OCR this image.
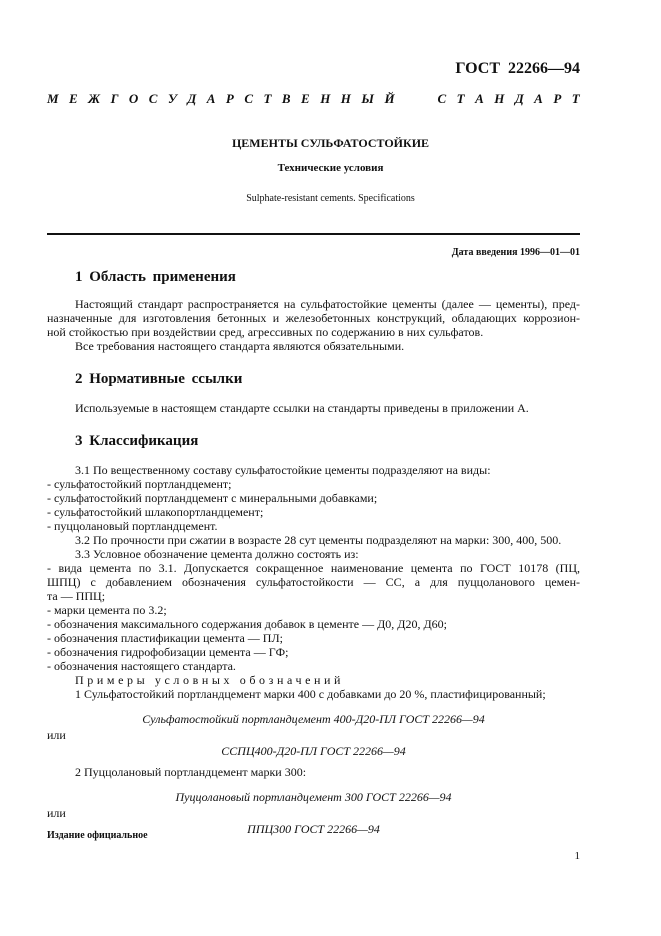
ГОСТ 22266—94
М Е Ж Г О С У Д А Р С Т В Е Н Н Ы Й	С Т А Н Д А Р Т
ЦЕМЕНТЫ СУЛЬФАТОСТОЙКИЕ
Технические условия
Sulphate-resistant cements. Specifications
Дата введения 1996—01—01
1 Область применения

Настоящий стандарт распространяется на сульфатостойкие цементы (далее — цементы), пред-

назначенные для изготовления бетонных и железобетонных конструкций, обладающих коррозион-

ной стойкостью при воздействии сред, агрессивных по содержанию в них сульфатов.

Все требования настоящего стандарта являются обязательными.

2 Нормативные ссылки

Используемые в настоящем стандарте ссылки на стандарты приведены в приложении А.

3 Классификация

3.1 По вещественному составу сульфатостойкие цементы подразделяют на виды:

- сульфатостойкий портландцемент;

- сульфатостойкий портландцемент с минеральными добавками;

- сульфатостойкий шлакопортландцемент;

- пуццолановый портландцемент.

3.2 По прочности при сжатии в возрасте 28 сут цементы подразделяют на марки: 300, 400, 500.

3.3 Условное обозначение цемента должно состоять из:

- вида цемента по 3.1. Допускается сокращенное наименование цемента по ГОСТ 10178 (ПЦ,

ШПЦ) с добавлением обозначения сульфатостойкости — СС, а для пуццоланового цемен-

та — ППЦ;

- марки цемента по 3.2;

- обозначения максимального содержания добавок в цементе — Д0, Д20, Д60;

- обозначения пластификации цемента — ПЛ;

- обозначения гидрофобизации цемента — ГФ;

- обозначения настоящего стандарта.

Примеры условных обозначений

1 Сульфатостойкий портландцемент марки 400 с добавками до 20 %, пластифицированный;

Сульфатостойкий портландцемент 400-Д20-ПЛ ГОСТ 22266—94

или

ССПЦ400-Д20-ПЛ ГОСТ 22266—94

2 Пуццолановый портландцемент марки 300:

Пуццолановый портландцемент 300 ГОСТ 22266—94

или

ППЦ300 ГОСТ 22266—94

Издание официальное
1
